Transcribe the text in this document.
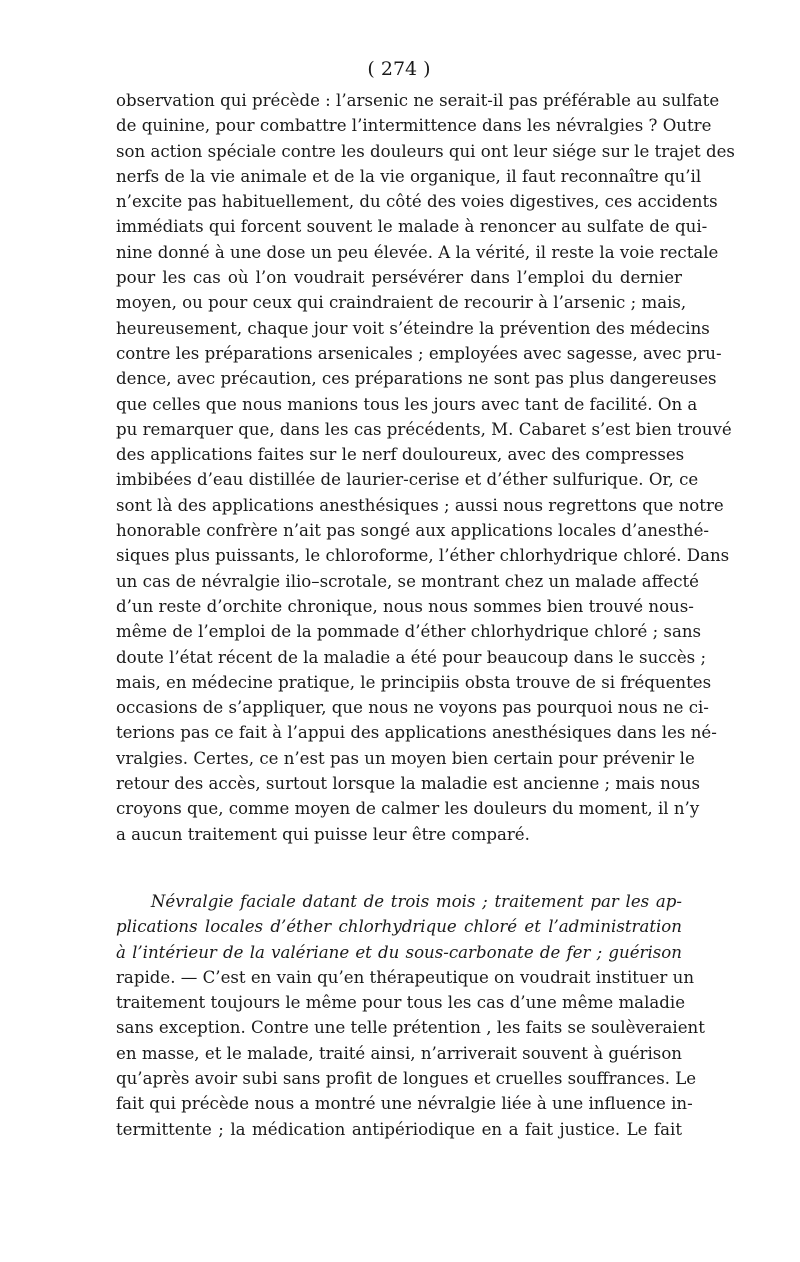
( 274 )
observation qui précède : l’arsenic ne serait-il pas préférable au sulfate
de quinine, pour combattre l’intermittence dans les névralgies ? Outre
son action spéciale contre les douleurs qui ont leur siége sur le trajet des
nerfs de la vie animale et de la vie organique, il faut reconnaître qu’il
n’excite pas habituellement, du côté des voies digestives, ces accidents
immédiats qui forcent souvent le malade à renoncer au sulfate de qui-
nine donné à une dose un peu élevée. A la vérité, il reste la voie rectale
pour les cas où l’on voudrait persévérer dans l’emploi du dernier
moyen, ou pour ceux qui craindraient de recourir à l’arsenic ; mais,
heureusement, chaque jour voit s’éteindre la prévention des médecins
contre les préparations arsenicales ; employées avec sagesse, avec pru-
dence, avec précaution, ces préparations ne sont pas plus dangereuses
que celles que nous manions tous les jours avec tant de facilité. On a
pu remarquer que, dans les cas précédents, M. Cabaret s’est bien trouvé
des applications faites sur le nerf douloureux, avec des compresses
imbibées d’eau distillée de laurier-cerise et d’éther sulfurique. Or, ce
sont là des applications anesthésiques ; aussi nous regrettons que notre
honorable confrère n’ait pas songé aux applications locales d’anesthé-
siques plus puissants, le chloroforme, l’éther chlorhydrique chloré. Dans
un cas de névralgie ilio–scrotale, se montrant chez un malade affecté
d’un reste d’orchite chronique, nous nous sommes bien trouvé nous-
même de l’emploi de la pommade d’éther chlorhydrique chloré ; sans
doute l’état récent de la maladie a été pour beaucoup dans le succès ;
mais, en médecine pratique, le principiis obsta trouve de si fréquentes
occasions de s’appliquer, que nous ne voyons pas pourquoi nous ne ci-
terions pas ce fait à l’appui des applications anesthésiques dans les né-
vralgies. Certes, ce n’est pas un moyen bien certain pour prévenir le
retour des accès, surtout lorsque la maladie est ancienne ; mais nous
croyons que, comme moyen de calmer les douleurs du moment, il n’y
a aucun traitement qui puisse leur être comparé.
Névralgie faciale datant de trois mois ; traitement par les ap-
plications locales d’éther chlorhydrique chloré et l’administration
à l’intérieur de la valériane et du sous-carbonate de fer ; guérison
rapide. — C’est en vain qu’en thérapeutique on voudrait instituer un
traitement toujours le même pour tous les cas d’une même maladie
sans exception. Contre une telle prétention , les faits se soulèveraient
en masse, et le malade, traité ainsi, n’arriverait souvent à guérison
qu’après avoir subi sans profit de longues et cruelles souffrances. Le
fait qui précède nous a montré une névralgie liée à une influence in-
termittente ; la médication antipériodique en a fait justice. Le fait
